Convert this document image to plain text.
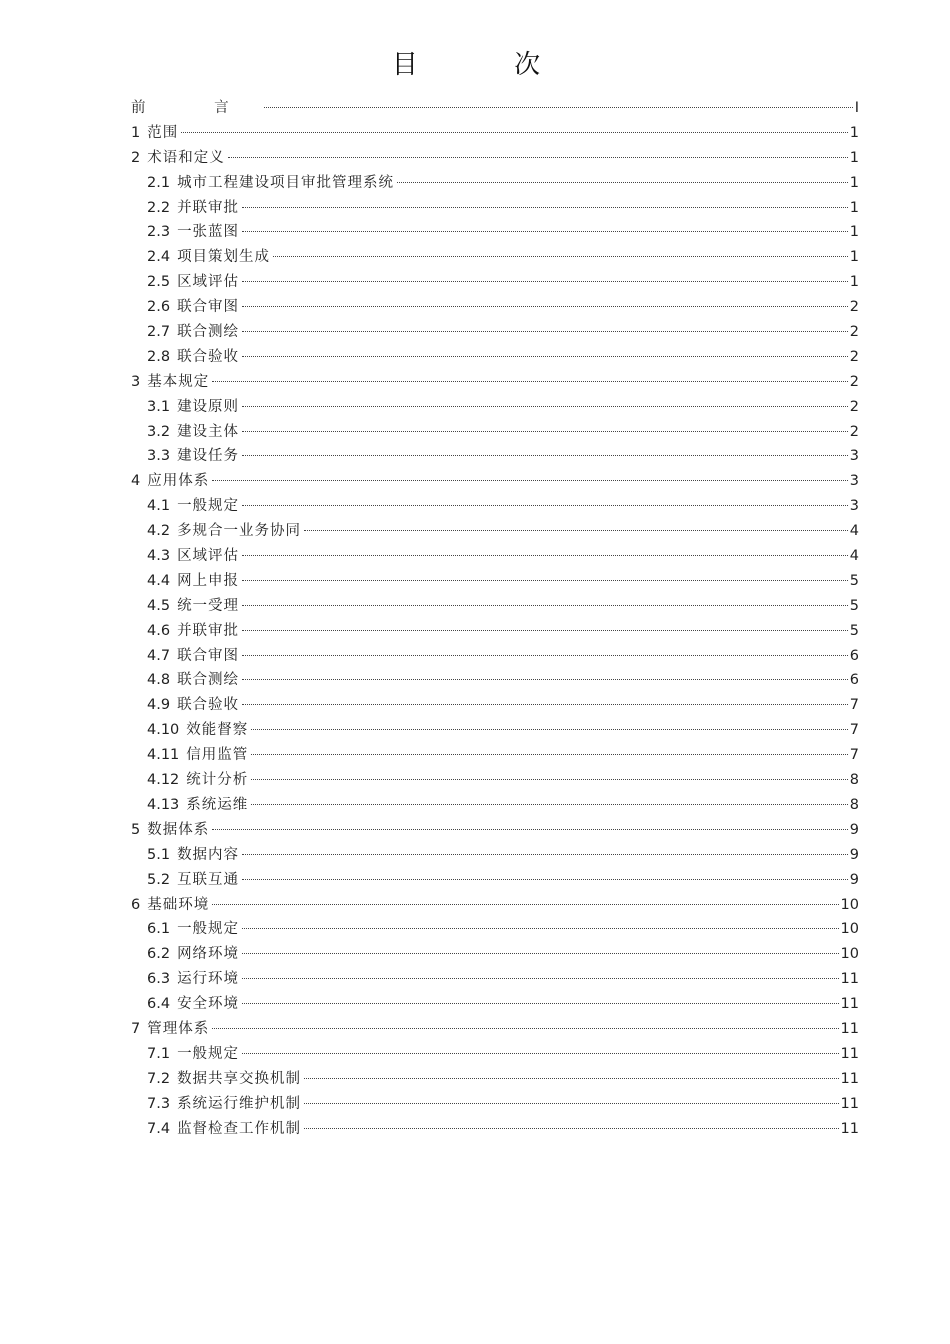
目 次
前 言	I
1 范围	1
2 术语和定义	1
2.1 城市工程建设项目审批管理系统	1
2.2 并联审批	1
2.3 一张蓝图	1
2.4 项目策划生成	1
2.5 区域评估	1
2.6 联合审图	2
2.7 联合测绘	2
2.8 联合验收	2
3 基本规定	2
3.1 建设原则	2
3.2 建设主体	2
3.3 建设任务	3
4 应用体系	3
4.1 一般规定	3
4.2 多规合一业务协同	4
4.3 区域评估	4
4.4 网上申报	5
4.5 统一受理	5
4.6 并联审批	5
4.7 联合审图	6
4.8 联合测绘	6
4.9 联合验收	7
4.10 效能督察	7
4.11 信用监管	7
4.12 统计分析	8
4.13 系统运维	8
5 数据体系	9
5.1 数据内容	9
5.2 互联互通	9
6 基础环境	10
6.1 一般规定	10
6.2 网络环境	10
6.3 运行环境	11
6.4 安全环境	11
7 管理体系	11
7.1 一般规定	11
7.2 数据共享交换机制	11
7.3 系统运行维护机制	11
7.4 监督检查工作机制	11
